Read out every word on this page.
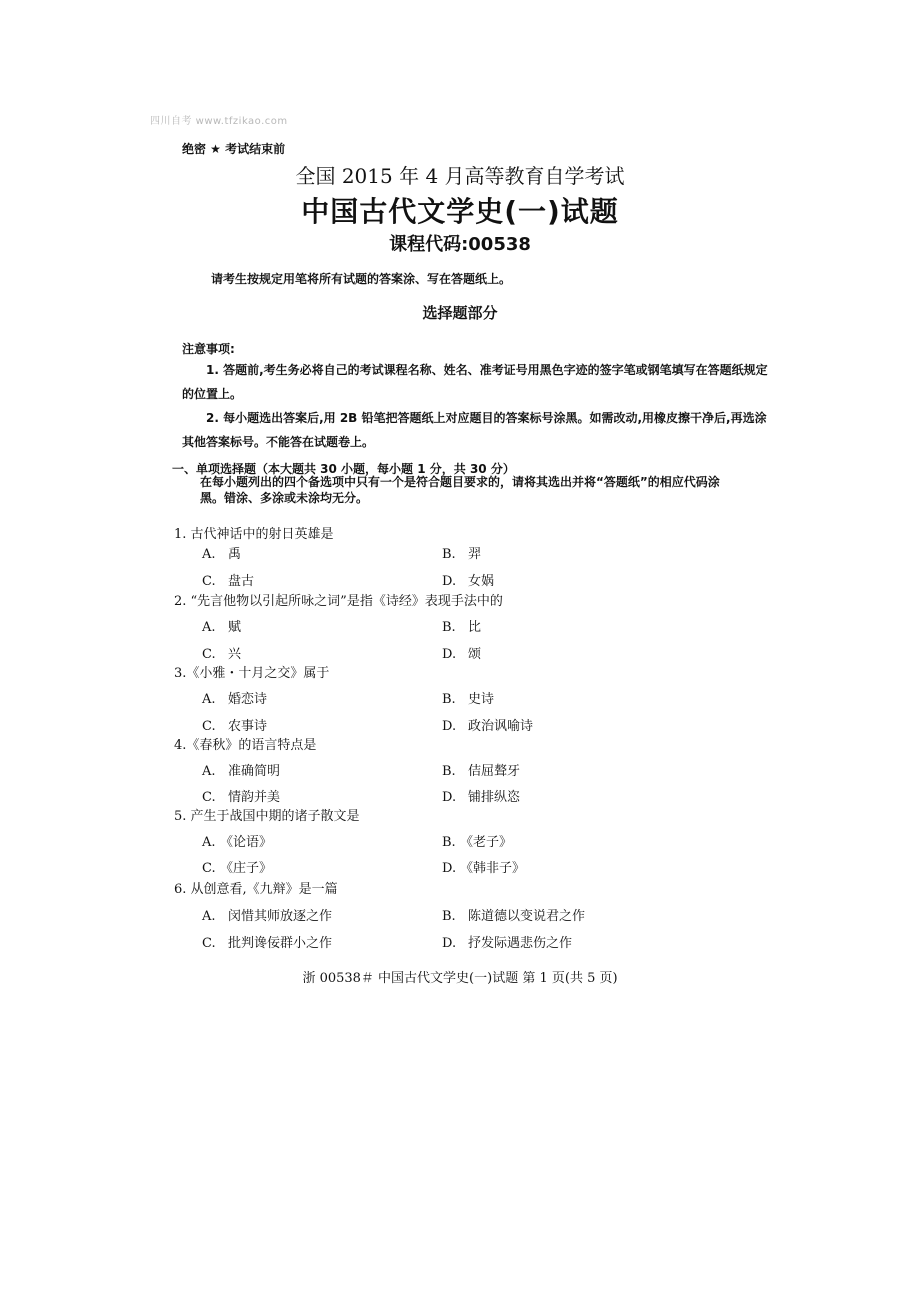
四川自考 www.tfzikao.com
绝密 ★ 考试结束前
全国 2015 年 4 月高等教育自学考试
中国古代文学史(一)试题
课程代码:00538
请考生按规定用笔将所有试题的答案涂、写在答题纸上。
选择题部分
注意事项:
1. 答题前,考生务必将自己的考试课程名称、姓名、准考证号用黑色字迹的签字笔或钢笔填写在答题纸规定的位置上。
2. 每小题选出答案后,用 2B 铅笔把答题纸上对应题目的答案标号涂黑。如需改动,用橡皮擦干净后,再选涂其他答案标号。不能答在试题卷上。
一、单项选择题（本大题共 30 小题，每小题 1 分，共 30 分）
在每小题列出的四个备选项中只有一个是符合题目要求的，请将其选出并将“答题纸”的相应代码涂黑。错涂、多涂或未涂均无分。
1. 古代神话中的射日英雄是
A. 禹	B. 羿
C. 盘古	D. 女娲
2. “先言他物以引起所咏之词”是指《诗经》表现手法中的
A. 赋	B. 比
C. 兴	D. 颂
3.《小雅・十月之交》属于
A. 婚恋诗	B. 史诗
C. 农事诗	D. 政治讽喻诗
4.《春秋》的语言特点是
A. 准确简明	B. 佶屈聱牙
C. 情韵并美	D. 铺排纵恣
5. 产生于战国中期的诸子散文是
A. 《论语》	B. 《老子》
C. 《庄子》	D. 《韩非子》
6. 从创意看,《九辩》是一篇
A. 闵惜其师放逐之作	B. 陈道德以变说君之作
C. 批判谗佞群小之作	D. 抒发际遇悲伤之作
浙 00538＃ 中国古代文学史(一)试题 第 1 页(共 5 页)
